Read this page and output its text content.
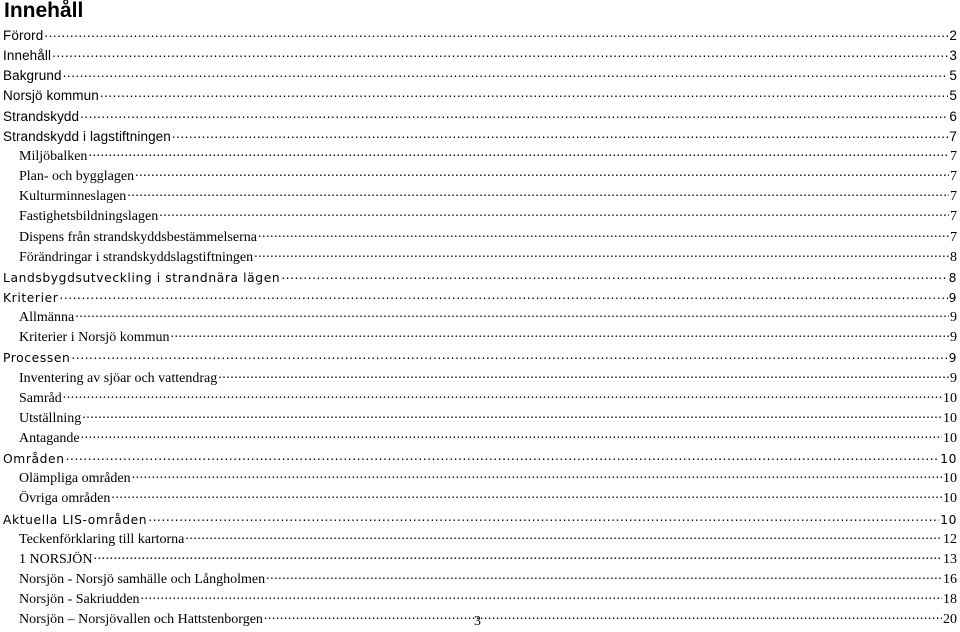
Innehåll
Förord .....	2
Innehåll .....	3
Bakgrund .....	5
Norsjö kommun .....	5
Strandskydd .....	6
Strandskydd i lagstiftningen .....	7
Miljöbalken .....	7
Plan- och bygglagen .....	7
Kulturminneslagen .....	7
Fastighetsbildningslagen .....	7
Dispens från strandskyddsbestämmelserna .....	7
Förändringar i strandskyddslagstiftningen .....	8
Landsbygdsutveckling i strandnära lägen .....	8
Kriterier .....	9
Allmänna .....	9
Kriterier i Norsjö kommun .....	9
Processen .....	9
Inventering av sjöar och vattendrag .....	9
Samråd .....	10
Utställning .....	10
Antagande .....	10
Områden .....	10
Olämpliga områden .....	10
Övriga områden .....	10
Aktuella LIS-områden .....	10
Teckenförklaring till kartorna .....	12
1 NORSJÖN .....	13
Norsjön - Norsjö samhälle och Långholmen .....	16
Norsjön - Sakriudden .....	18
Norsjön – Norsjövallen och Hattstenborgen .....	20
3
